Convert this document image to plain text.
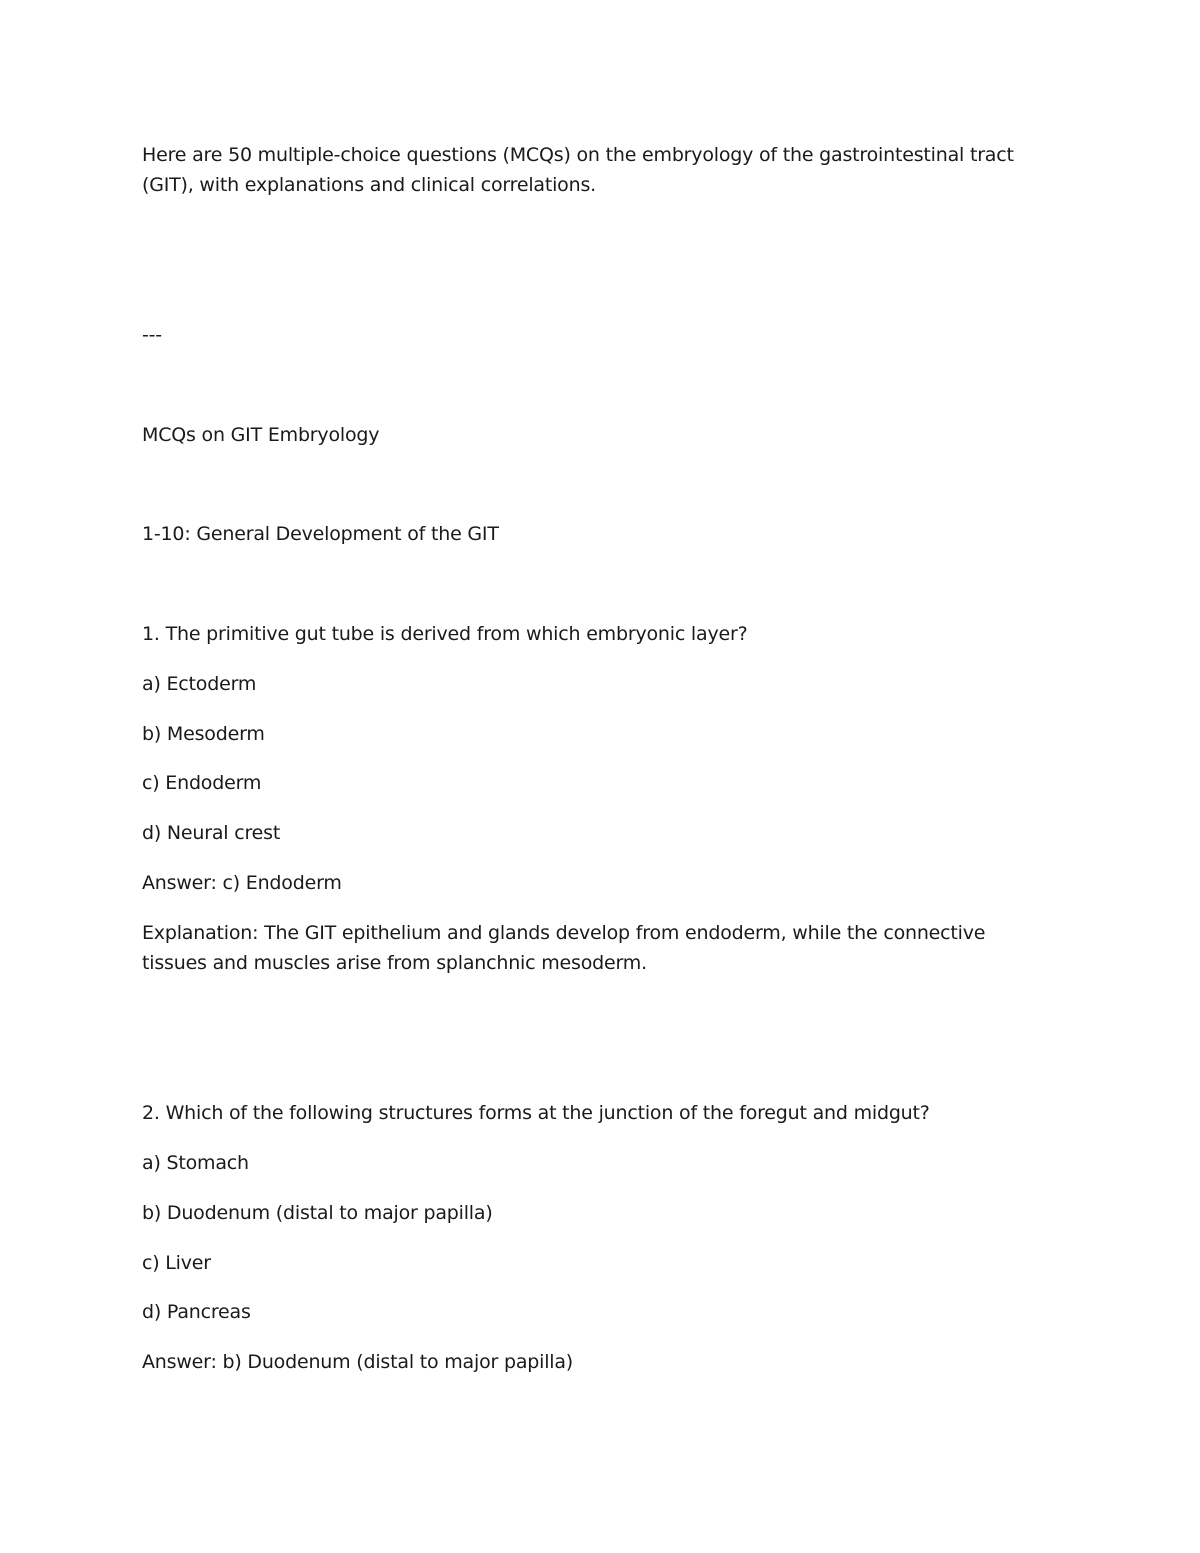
Here are 50 multiple-choice questions (MCQs) on the embryology of the gastrointestinal tract (GIT), with explanations and clinical correlations.
---
MCQs on GIT Embryology
1-10: General Development of the GIT
1. The primitive gut tube is derived from which embryonic layer?
a) Ectoderm
b) Mesoderm
c) Endoderm
d) Neural crest
Answer: c) Endoderm
Explanation: The GIT epithelium and glands develop from endoderm, while the connective tissues and muscles arise from splanchnic mesoderm.
2. Which of the following structures forms at the junction of the foregut and midgut?
a) Stomach
b) Duodenum (distal to major papilla)
c) Liver
d) Pancreas
Answer: b) Duodenum (distal to major papilla)
